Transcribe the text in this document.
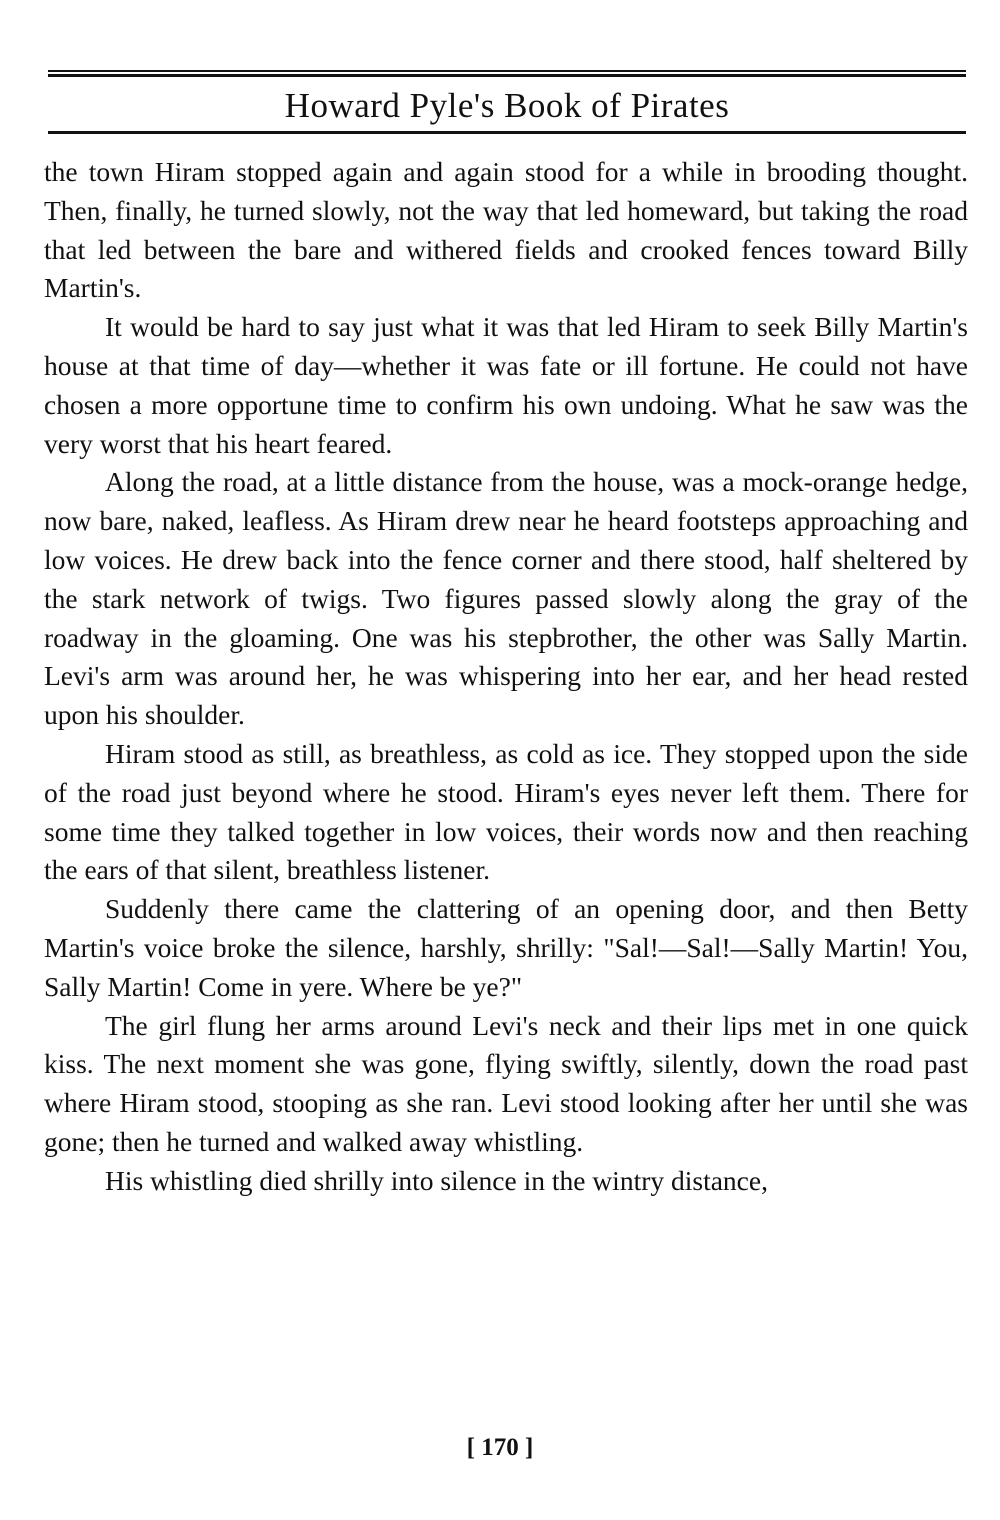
Howard Pyle's Book of Pirates

the town Hiram stopped again and again stood for a while in brooding thought. Then, finally, he turned slowly, not the way that led homeward, but taking the road that led between the bare and withered fields and crooked fences toward Billy Martin's.

It would be hard to say just what it was that led Hiram to seek Billy Martin's house at that time of day—whether it was fate or ill fortune. He could not have chosen a more opportune time to confirm his own undoing. What he saw was the very worst that his heart feared.

Along the road, at a little distance from the house, was a mock-orange hedge, now bare, naked, leafless. As Hiram drew near he heard footsteps approaching and low voices. He drew back into the fence corner and there stood, half sheltered by the stark network of twigs. Two figures passed slowly along the gray of the roadway in the gloaming. One was his stepbrother, the other was Sally Martin. Levi's arm was around her, he was whispering into her ear, and her head rested upon his shoulder.

Hiram stood as still, as breathless, as cold as ice. They stopped upon the side of the road just beyond where he stood. Hiram's eyes never left them. There for some time they talked together in low voices, their words now and then reaching the ears of that silent, breathless listener.

Suddenly there came the clattering of an opening door, and then Betty Martin's voice broke the silence, harshly, shrilly: "Sal!—Sal!—Sally Martin! You, Sally Martin! Come in yere. Where be ye?"

The girl flung her arms around Levi's neck and their lips met in one quick kiss. The next moment she was gone, flying swiftly, silently, down the road past where Hiram stood, stooping as she ran. Levi stood looking after her until she was gone; then he turned and walked away whistling.

His whistling died shrilly into silence in the wintry distance,

[ 170 ]
